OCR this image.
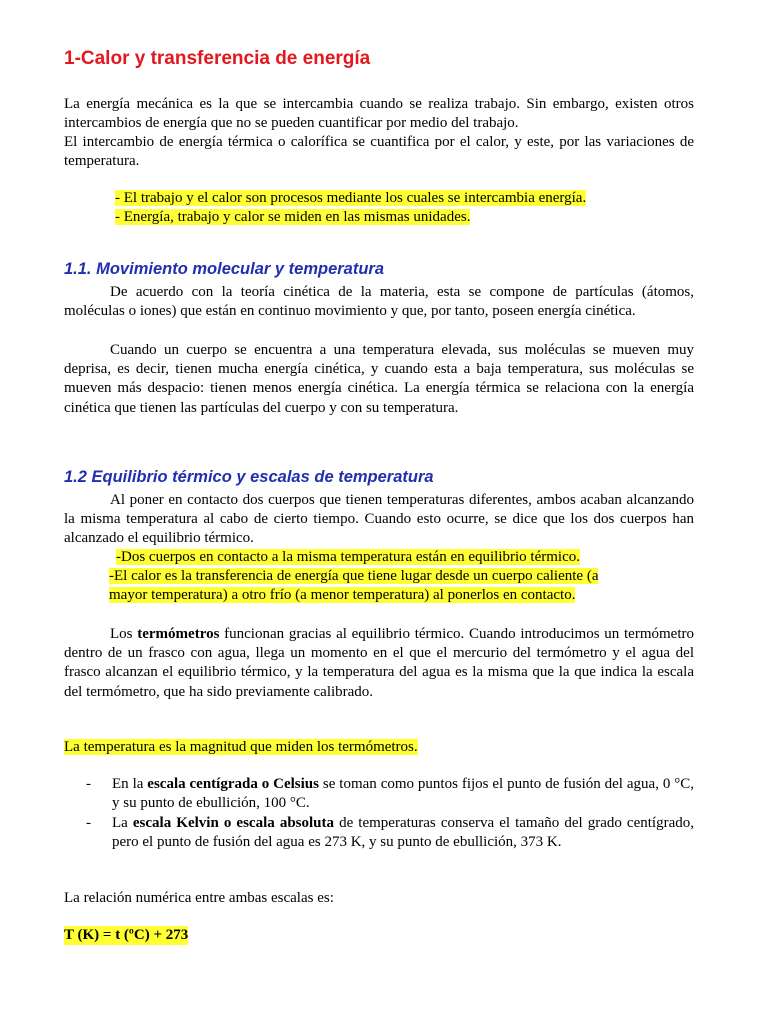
1-Calor y transferencia de energía

La energía mecánica es la que se intercambia cuando se realiza trabajo. Sin embargo, existen otros intercambios de energía que no se pueden cuantificar por medio del trabajo.

El intercambio de energía térmica o calorífica se cuantifica por el calor, y este, por las variaciones de temperatura.

- El trabajo y el calor son procesos mediante los cuales se intercambia energía.
- Energía, trabajo y calor se miden en las mismas unidades.
1.1. Movimiento molecular y temperatura

De acuerdo con la teoría cinética de la materia, esta se compone de partículas (átomos, moléculas o iones) que están en continuo movimiento y que, por tanto, poseen energía cinética.

Cuando un cuerpo se encuentra a una temperatura elevada, sus moléculas se mueven muy deprisa, es decir, tienen mucha energía cinética, y cuando esta a baja temperatura, sus moléculas se mueven más despacio: tienen menos energía cinética. La energía térmica se relaciona con la energía cinética que tienen las partículas del cuerpo y con su temperatura.

1.2 Equilibrio térmico y escalas de temperatura

Al poner en contacto dos cuerpos que tienen temperaturas diferentes, ambos acaban alcanzando la misma temperatura al cabo de cierto tiempo. Cuando esto ocurre, se dice que los dos cuerpos han alcanzado el equilibrio térmico.

-Dos cuerpos en contacto a la misma temperatura están en equilibrio térmico.
-El calor es la transferencia de energía que tiene lugar desde un cuerpo caliente (a
mayor temperatura) a otro frío (a menor temperatura) al ponerlos en contacto.

Los termómetros funcionan gracias al equilibrio térmico. Cuando introducimos un termómetro dentro de un frasco con agua, llega un momento en el que el mercurio del termómetro y el agua del frasco alcanzan el equilibrio térmico, y la temperatura del agua es la misma que la que indica la escala del termómetro, que ha sido previamente calibrado.

La temperatura es la magnitud que miden los termómetros.
- En la escala centígrada o Celsius se toman como puntos fijos el punto de fusión del agua, 0 °C, y su punto de ebullición, 100 °C.
- La escala Kelvin o escala absoluta de temperaturas conserva el tamaño del grado centígrado, pero el punto de fusión del agua es 273 K, y su punto de ebullición, 373 K.

La relación numérica entre ambas escalas es:

T (K) = t (ºC) + 273
